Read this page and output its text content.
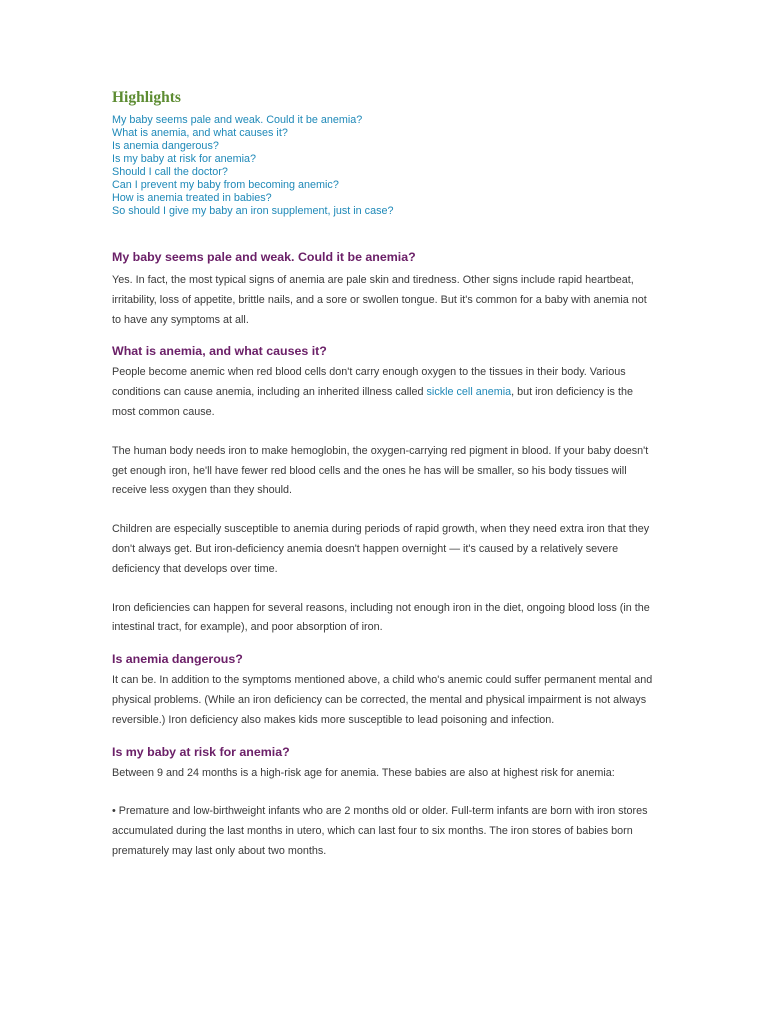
Highlights
My baby seems pale and weak. Could it be anemia?
What is anemia, and what causes it?
Is anemia dangerous?
Is my baby at risk for anemia?
Should I call the doctor?
Can I prevent my baby from becoming anemic?
How is anemia treated in babies?
So should I give my baby an iron supplement, just in case?
My baby seems pale and weak. Could it be anemia?

Yes. In fact, the most typical signs of anemia are pale skin and tiredness. Other signs include rapid heartbeat, irritability, loss of appetite, brittle nails, and a sore or swollen tongue. But it's common for a baby with anemia not to have any symptoms at all.

What is anemia, and what causes it?

People become anemic when red blood cells don't carry enough oxygen to the tissues in their body. Various conditions can cause anemia, including an inherited illness called sickle cell anemia, but iron deficiency is the most common cause.

The human body needs iron to make hemoglobin, the oxygen-carrying red pigment in blood. If your baby doesn't get enough iron, he'll have fewer red blood cells and the ones he has will be smaller, so his body tissues will receive less oxygen than they should.

Children are especially susceptible to anemia during periods of rapid growth, when they need extra iron that they don't always get. But iron-deficiency anemia doesn't happen overnight — it's caused by a relatively severe deficiency that develops over time.

Iron deficiencies can happen for several reasons, including not enough iron in the diet, ongoing blood loss (in the intestinal tract, for example), and poor absorption of iron.

Is anemia dangerous?

It can be. In addition to the symptoms mentioned above, a child who's anemic could suffer permanent mental and physical problems. (While an iron deficiency can be corrected, the mental and physical impairment is not always reversible.) Iron deficiency also makes kids more susceptible to lead poisoning and infection.

Is my baby at risk for anemia?

Between 9 and 24 months is a high-risk age for anemia. These babies are also at highest risk for anemia:

• Premature and low-birthweight infants who are 2 months old or older. Full-term infants are born with iron stores accumulated during the last months in utero, which can last four to six months. The iron stores of babies born prematurely may last only about two months.
